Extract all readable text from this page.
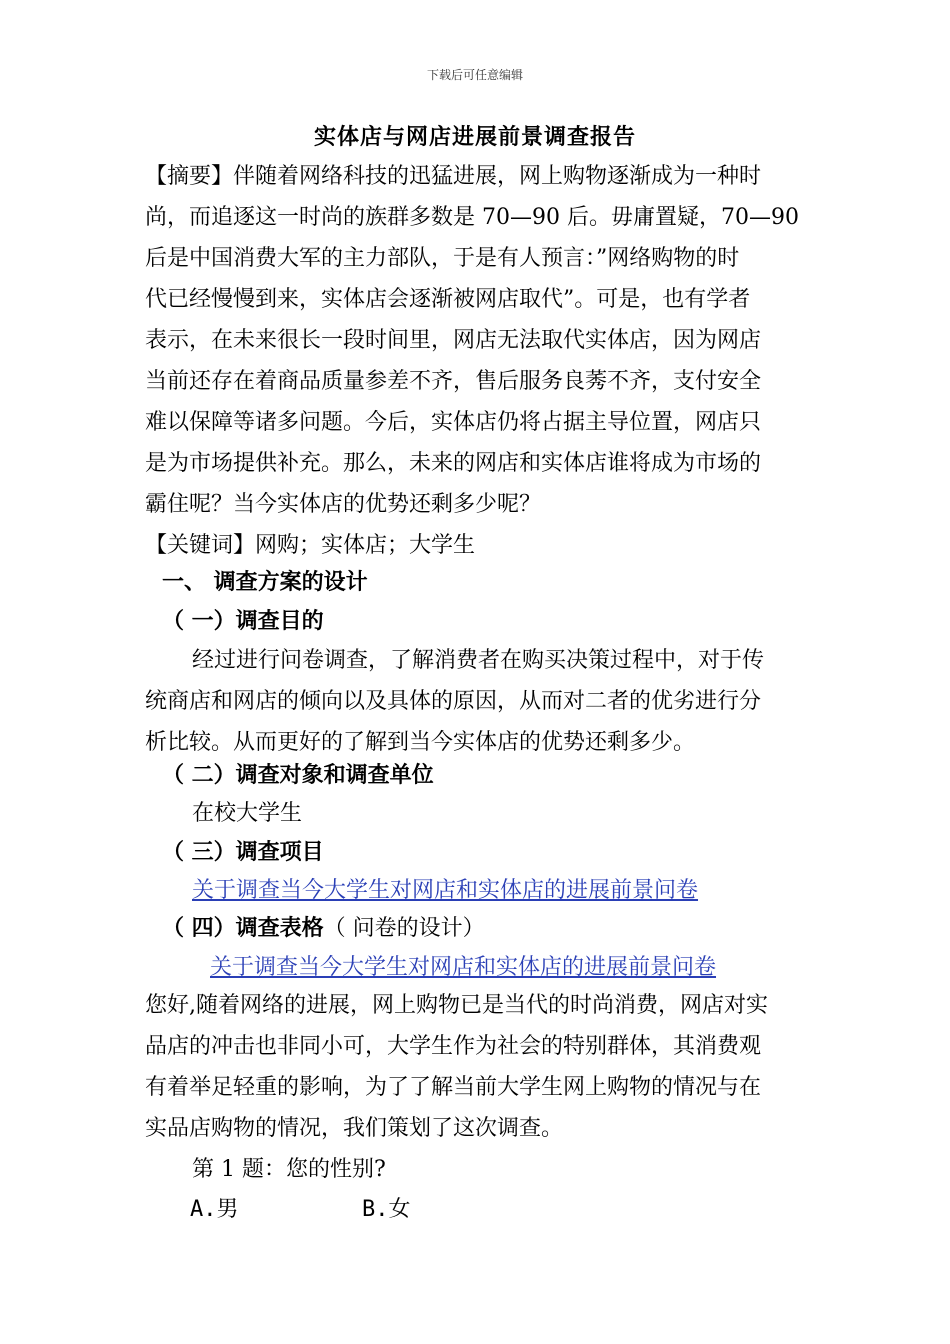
下载后可任意编辑
实体店与网店进展前景调查报告
【摘要】伴随着网络科技的迅猛进展，网上购物逐渐成为一种时
尚，而追逐这一时尚的族群多数是 70—90 后。毋庸置疑，70—90
后是中国消费大军的主力部队，于是有人预言：”网络购物的时
代已经慢慢到来，实体店会逐渐被网店取代”。可是，也有学者
表示，在未来很长一段时间里，网店无法取代实体店，因为网店
当前还存在着商品质量参差不齐，售后服务良莠不齐，支付安全
难以保障等诸多问题。今后，实体店仍将占据主导位置，网店只
是为市场提供补充。那么，未来的网店和实体店谁将成为市场的
霸住呢？当今实体店的优势还剩多少呢？
【关键词】网购；实体店；大学生
一、 调查方案的设计
（ 一）调查目的
经过进行问卷调查，了解消费者在购买决策过程中，对于传
统商店和网店的倾向以及具体的原因，从而对二者的优劣进行分
析比较。从而更好的了解到当今实体店的优势还剩多少。
（ 二）调查对象和调查单位
在校大学生
（ 三）调查项目
关于调查当今大学生对网店和实体店的进展前景问卷
（ 四）调查表格（ 问卷的设计）
关于调查当今大学生对网店和实体店的进展前景问卷
您好,随着网络的进展，网上购物已是当代的时尚消费，网店对实
品店的冲击也非同小可，大学生作为社会的特别群体，其消费观
有着举足轻重的影响，为了了解当前大学生网上购物的情况与在
实品店购物的情况，我们策划了这次调查。
第 1 题：您的性别?
A.男	B.女
